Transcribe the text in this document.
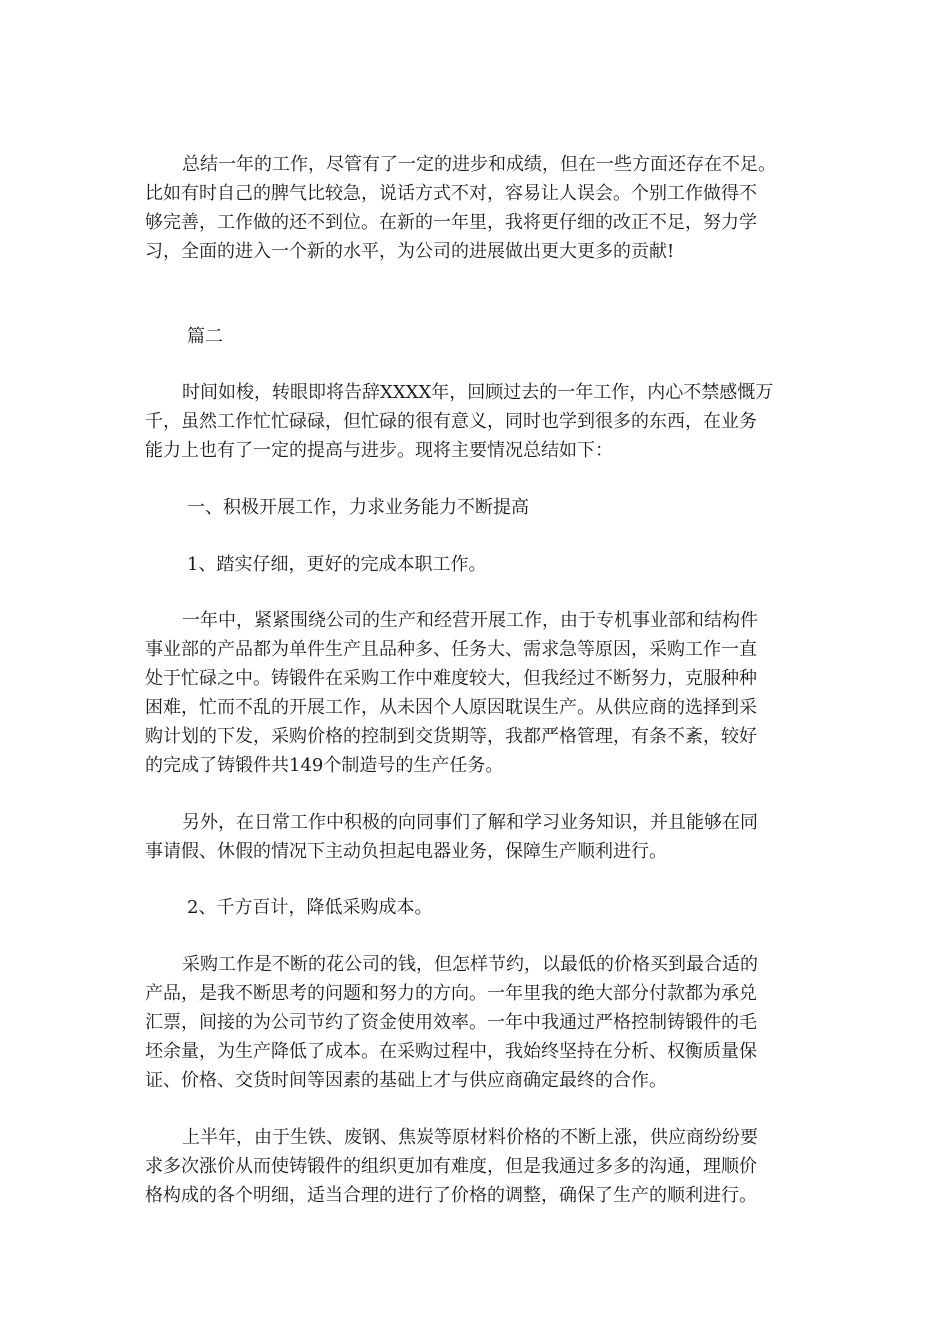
总结一年的工作，尽管有了一定的进步和成绩，但在一些方面还存在不足。
比如有时自己的脾气比较急，说话方式不对，容易让人误会。个别工作做得不
够完善，工作做的还不到位。在新的一年里，我将更仔细的改正不足，努力学
习，全面的进入一个新的水平，为公司的进展做出更大更多的贡献!

篇二

时间如梭，转眼即将告辞XXXX年，回顾过去的一年工作，内心不禁感慨万
千，虽然工作忙忙碌碌，但忙碌的很有意义，同时也学到很多的东西，在业务
能力上也有了一定的提高与进步。现将主要情况总结如下：

一、积极开展工作，力求业务能力不断提高

1、踏实仔细，更好的完成本职工作。

一年中，紧紧围绕公司的生产和经营开展工作，由于专机事业部和结构件
事业部的产品都为单件生产且品种多、任务大、需求急等原因，采购工作一直
处于忙碌之中。铸锻件在采购工作中难度较大，但我经过不断努力，克服种种
困难，忙而不乱的开展工作，从未因个人原因耽误生产。从供应商的选择到采
购计划的下发，采购价格的控制到交货期等，我都严格管理，有条不紊，较好
的完成了铸锻件共149个制造号的生产任务。

另外，在日常工作中积极的向同事们了解和学习业务知识，并且能够在同
事请假、休假的情况下主动负担起电器业务，保障生产顺利进行。

2、千方百计，降低采购成本。

采购工作是不断的花公司的钱，但怎样节约，以最低的价格买到最合适的
产品，是我不断思考的问题和努力的方向。一年里我的绝大部分付款都为承兑
汇票，间接的为公司节约了资金使用效率。一年中我通过严格控制铸锻件的毛
坯余量，为生产降低了成本。在采购过程中，我始终坚持在分析、权衡质量保
证、价格、交货时间等因素的基础上才与供应商确定最终的合作。

上半年，由于生铁、废钢、焦炭等原材料价格的不断上涨，供应商纷纷要
求多次涨价从而使铸锻件的组织更加有难度，但是我通过多多的沟通，理顺价
格构成的各个明细，适当合理的进行了价格的调整，确保了生产的顺利进行。
